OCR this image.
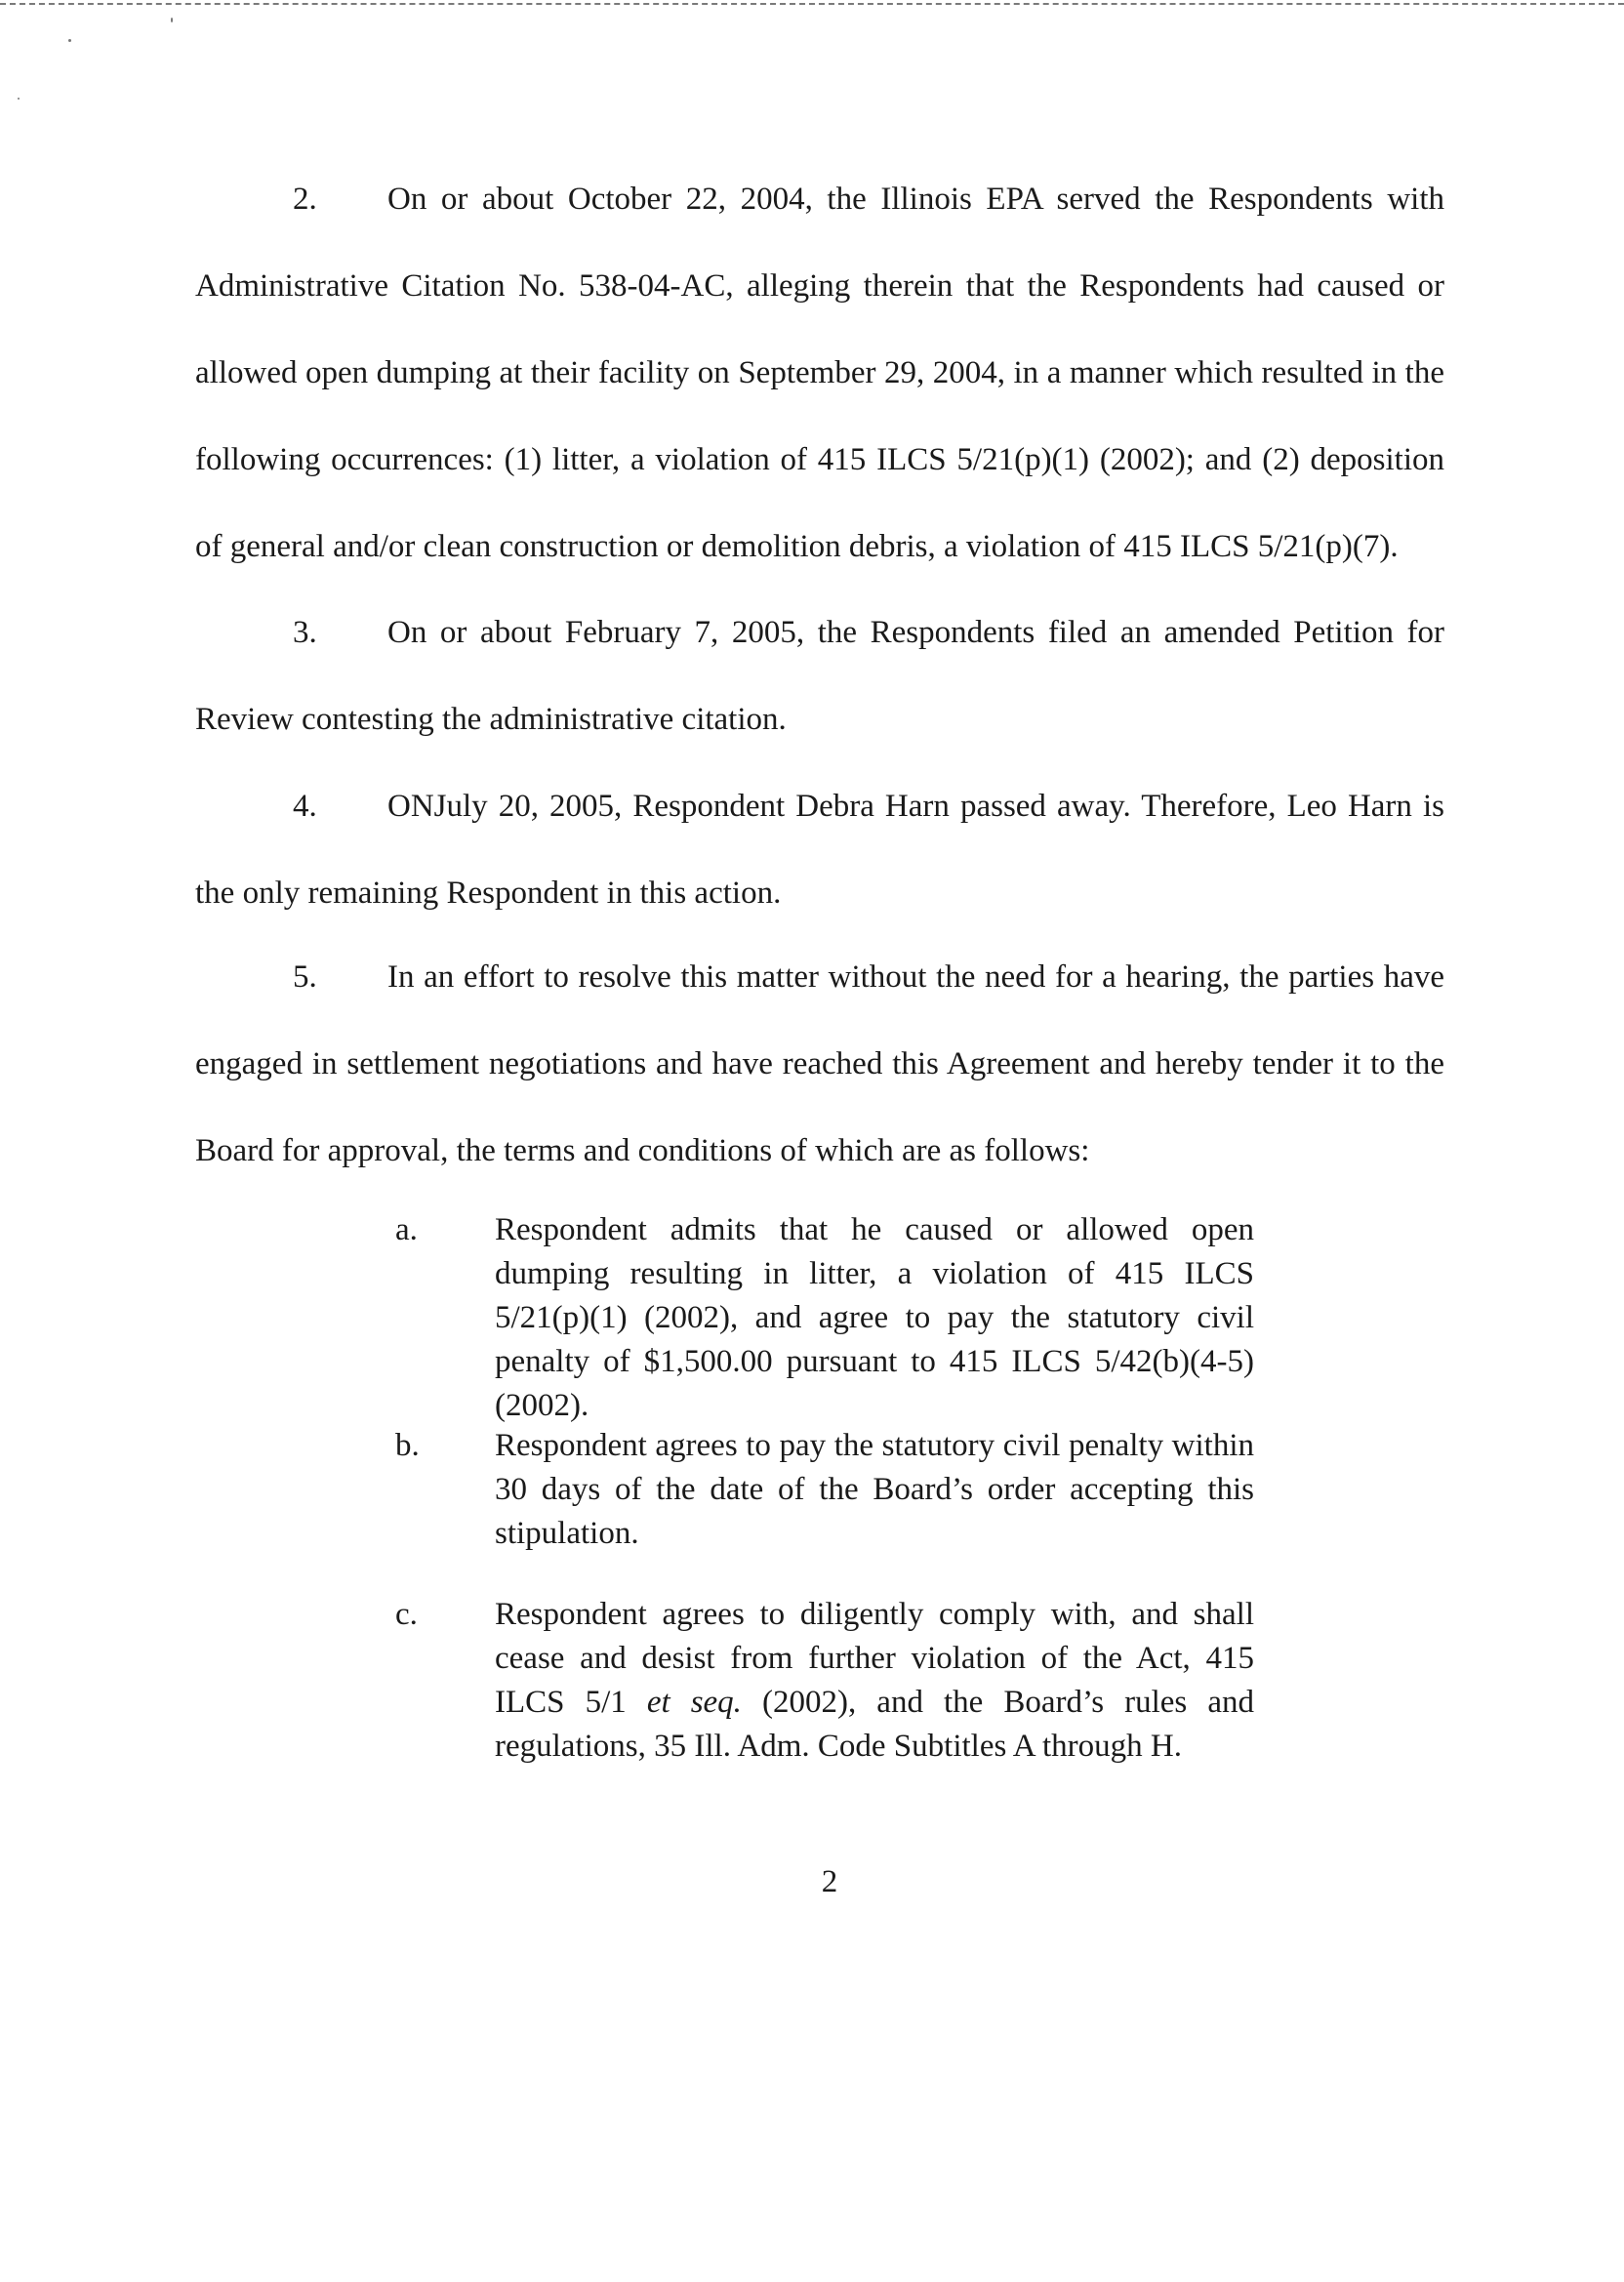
2. On or about October 22, 2004, the Illinois EPA served the Respondents with Administrative Citation No. 538-04-AC, alleging therein that the Respondents had caused or allowed open dumping at their facility on September 29, 2004, in a manner which resulted in the following occurrences: (1) litter, a violation of 415 ILCS 5/21(p)(1) (2002); and (2) deposition of general and/or clean construction or demolition debris, a violation of 415 ILCS 5/21(p)(7).

3. On or about February 7, 2005, the Respondents filed an amended Petition for Review contesting the administrative citation.

4. ONJuly 20, 2005, Respondent Debra Harn passed away. Therefore, Leo Harn is the only remaining Respondent in this action.

5. In an effort to resolve this matter without the need for a hearing, the parties have engaged in settlement negotiations and have reached this Agreement and hereby tender it to the Board for approval, the terms and conditions of which are as follows:

a. Respondent admits that he caused or allowed open dumping resulting in litter, a violation of 415 ILCS 5/21(p)(1) (2002), and agree to pay the statutory civil penalty of $1,500.00 pursuant to 415 ILCS 5/42(b)(4-5) (2002).
b. Respondent agrees to pay the statutory civil penalty within 30 days of the date of the Board’s order accepting this stipulation.
c. Respondent agrees to diligently comply with, and shall cease and desist from further violation of the Act, 415 ILCS 5/1 et seq. (2002), and the Board’s rules and regulations, 35 Ill. Adm. Code Subtitles A through H.
2
